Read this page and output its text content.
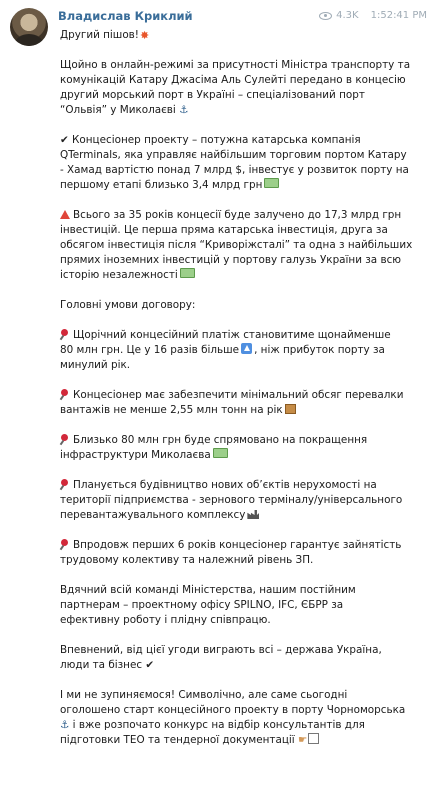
Владислав Криклий	4.3K 1:52:41 PM

Другий пішов!✸

Щойно в онлайн-режимі за присутності Міністра транспорту та
комунікацій Катару Джасіма Аль Сулейті передано в концесію
другий морський порт в Україні – спеціалізований порт
“Ольвія” у Миколаєві ⚓

✔ Концесіонер проекту – потужна катарська компанія
QTerminals, яка управляє найбільшим торговим портом Катару
- Хамад вартістю понад 7 млрд $, інвестує у розвиток порту на
першому етапі близько 3,4 млрд грн

Всього за 35 років концесії буде залучено до 17,3 млрд грн
інвестицій. Це перша пряма катарська інвестиція, друга за
обсягом інвестиція після “Криворіжсталі” та одна з найбільших
прямих іноземних інвестицій у портову галузь України за всю
історію незалежності

Головні умови договору:

Щорічний концесійний платіж становитиме щонайменше
80 млн грн. Це у 16 разів більше , ніж прибуток порту за
минулий рік.

Концесіонер має забезпечити мінімальний обсяг перевалки
вантажів не менше 2,55 млн тонн на рік

Близько 80 млн грн буде спрямовано на покращення
інфраструктури Миколаєва

Планується будівництво нових об’єктів нерухомості на
території підприємства - зернового терміналу/універсального
перевантажувального комплексу

Впродовж перших 6 років концесіонер гарантує зайнятість
трудовому колективу та належний рівень ЗП.

Вдячний всій команді Міністерства, нашим постійним
партнерам – проектному офісу SPILNO, IFC, ЄБРР за
ефективну роботу і плідну співпрацю.

Впевнений, від цієї угоди виграють всі – держава Україна,
люди та бізнес ✔

І ми не зупиняємося! Символічно, але саме сьогодні
оголошено старт концесійного проекту в порту Чорноморська
⚓ і вже розпочато конкурс на відбір консультантів для
підготовки ТЕО та тендерної документації ☛
